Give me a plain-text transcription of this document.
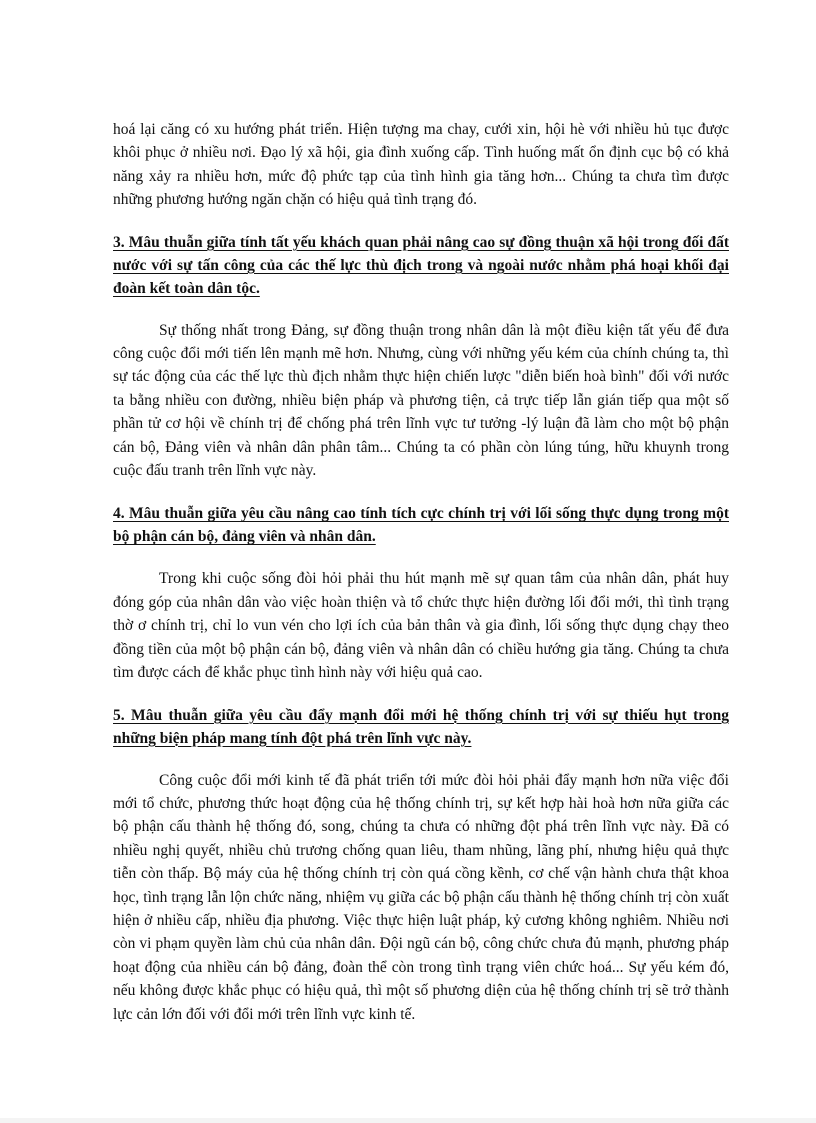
hoá lại căng có xu hướng phát triển. Hiện tượng ma chay, cưới xin, hội hè với nhiều hủ tục được khôi phục ở nhiều nơi. Đạo lý xã hội, gia đình xuống cấp. Tình huống mất ổn định cục bộ có khả năng xảy ra nhiều hơn, mức độ phức tạp của tình hình gia tăng hơn... Chúng ta chưa tìm được những phương hướng ngăn chặn có hiệu quả tình trạng đó.

3. Mâu thuẫn giữa tính tất yếu khách quan phải nâng cao sự đồng thuận xã hội trong đối đất nước với sự tấn công của các thế lực thù địch trong và ngoài nước nhằm phá hoại khối đại đoàn kết toàn dân tộc.

Sự thống nhất trong Đảng, sự đồng thuận trong nhân dân là một điều kiện tất yếu để đưa công cuộc đổi mới tiến lên mạnh mẽ hơn. Nhưng, cùng với những yếu kém của chính chúng ta, thì sự tác động của các thế lực thù địch nhằm thực hiện chiến lược "diễn biến hoà bình" đối với nước ta bằng nhiều con đường, nhiều biện pháp và phương tiện, cả trực tiếp lẫn gián tiếp qua một số phần tử cơ hội về chính trị để chống phá trên lĩnh vực tư tưởng -lý luận đã làm cho một bộ phận cán bộ, Đảng viên và nhân dân phân tâm... Chúng ta có phần còn lúng túng, hữu khuynh trong cuộc đấu tranh trên lĩnh vực này.

4. Mâu thuẫn giữa yêu cầu nâng cao tính tích cực chính trị với lối sống thực dụng trong một bộ phận cán bộ, đảng viên và nhân dân.

Trong khi cuộc sống đòi hỏi phải thu hút mạnh mẽ sự quan tâm của nhân dân, phát huy đóng góp của nhân dân vào việc hoàn thiện và tổ chức thực hiện đường lối đổi mới, thì tình trạng thờ ơ chính trị, chỉ lo vun vén cho lợi ích của bản thân và gia đình, lối sống thực dụng chạy theo đồng tiền của một bộ phận cán bộ, đảng viên và nhân dân có chiều hướng gia tăng. Chúng ta chưa tìm được cách để khắc phục tình hình này với hiệu quả cao.

5. Mâu thuẫn giữa yêu cầu đẩy mạnh đổi mới hệ thống chính trị với sự thiếu hụt trong những biện pháp mang tính đột phá trên lĩnh vực này.

Công cuộc đổi mới kinh tế đã phát triển tới mức đòi hỏi phải đẩy mạnh hơn nữa việc đổi mới tổ chức, phương thức hoạt động của hệ thống chính trị, sự kết hợp hài hoà hơn nữa giữa các bộ phận cấu thành hệ thống đó, song, chúng ta chưa có những đột phá trên lĩnh vực này. Đã có nhiều nghị quyết, nhiều chủ trương chống quan liêu, tham nhũng, lãng phí, nhưng hiệu quả thực tiễn còn thấp. Bộ máy của hệ thống chính trị còn quá cồng kềnh, cơ chế vận hành chưa thật khoa học, tình trạng lẫn lộn chức năng, nhiệm vụ giữa các bộ phận cấu thành hệ thống chính trị còn xuất hiện ở nhiều cấp, nhiều địa phương. Việc thực hiện luật pháp, kỷ cương không nghiêm. Nhiều nơi còn vi phạm quyền làm chủ của nhân dân. Đội ngũ cán bộ, công chức chưa đủ mạnh, phương pháp hoạt động của nhiều cán bộ đảng, đoàn thể còn trong tình trạng viên chức hoá... Sự yếu kém đó, nếu không được khắc phục có hiệu quả, thì một số phương diện của hệ thống chính trị sẽ trở thành lực cản lớn đối với đổi mới trên lĩnh vực kinh tế.
